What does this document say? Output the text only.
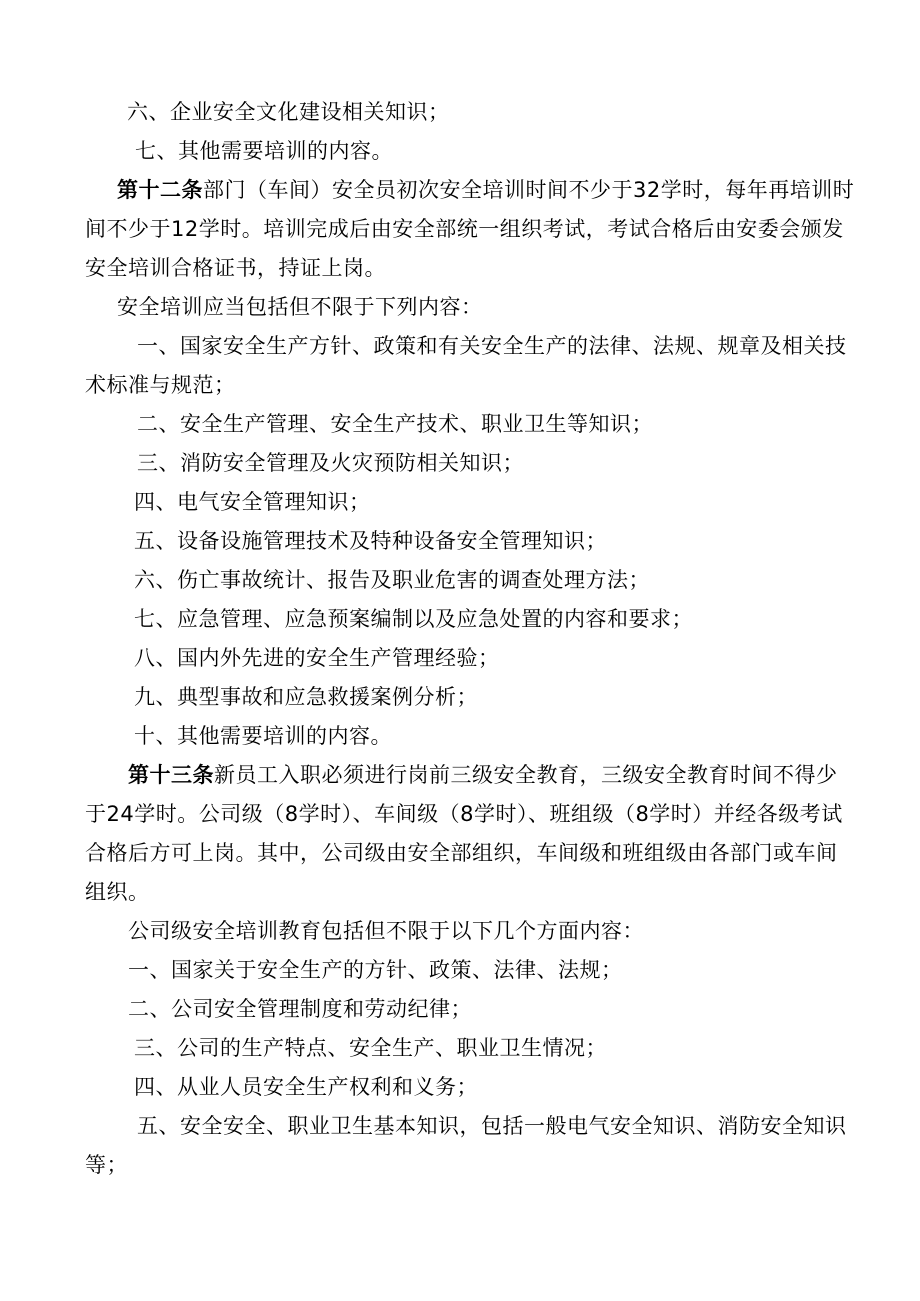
六、企业安全文化建设相关知识；
七、其他需要培训的内容。
第十二条部门（车间）安全员初次安全培训时间不少于32学时，每年再培训时
间不少于12学时。培训完成后由安全部统一组织考试，考试合格后由安委会颁发
安全培训合格证书，持证上岗。
安全培训应当包括但不限于下列内容：
一、国家安全生产方针、政策和有关安全生产的法律、法规、规章及相关技
术标准与规范；
二、安全生产管理、安全生产技术、职业卫生等知识；
三、消防安全管理及火灾预防相关知识；
四、电气安全管理知识；
五、设备设施管理技术及特种设备安全管理知识；
六、伤亡事故统计、报告及职业危害的调查处理方法；
七、应急管理、应急预案编制以及应急处置的内容和要求；
八、国内外先进的安全生产管理经验；
九、典型事故和应急救援案例分析；
十、其他需要培训的内容。
第十三条新员工入职必须进行岗前三级安全教育，三级安全教育时间不得少
于24学时。公司级（8学时）、车间级（8学时）、班组级（8学时）并经各级考试
合格后方可上岗。其中，公司级由安全部组织，车间级和班组级由各部门或车间
组织。
公司级安全培训教育包括但不限于以下几个方面内容：
一、国家关于安全生产的方针、政策、法律、法规；
二、公司安全管理制度和劳动纪律；
三、公司的生产特点、安全生产、职业卫生情况；
四、从业人员安全生产权利和义务；
五、安全安全、职业卫生基本知识，包括一般电气安全知识、消防安全知识
等；
